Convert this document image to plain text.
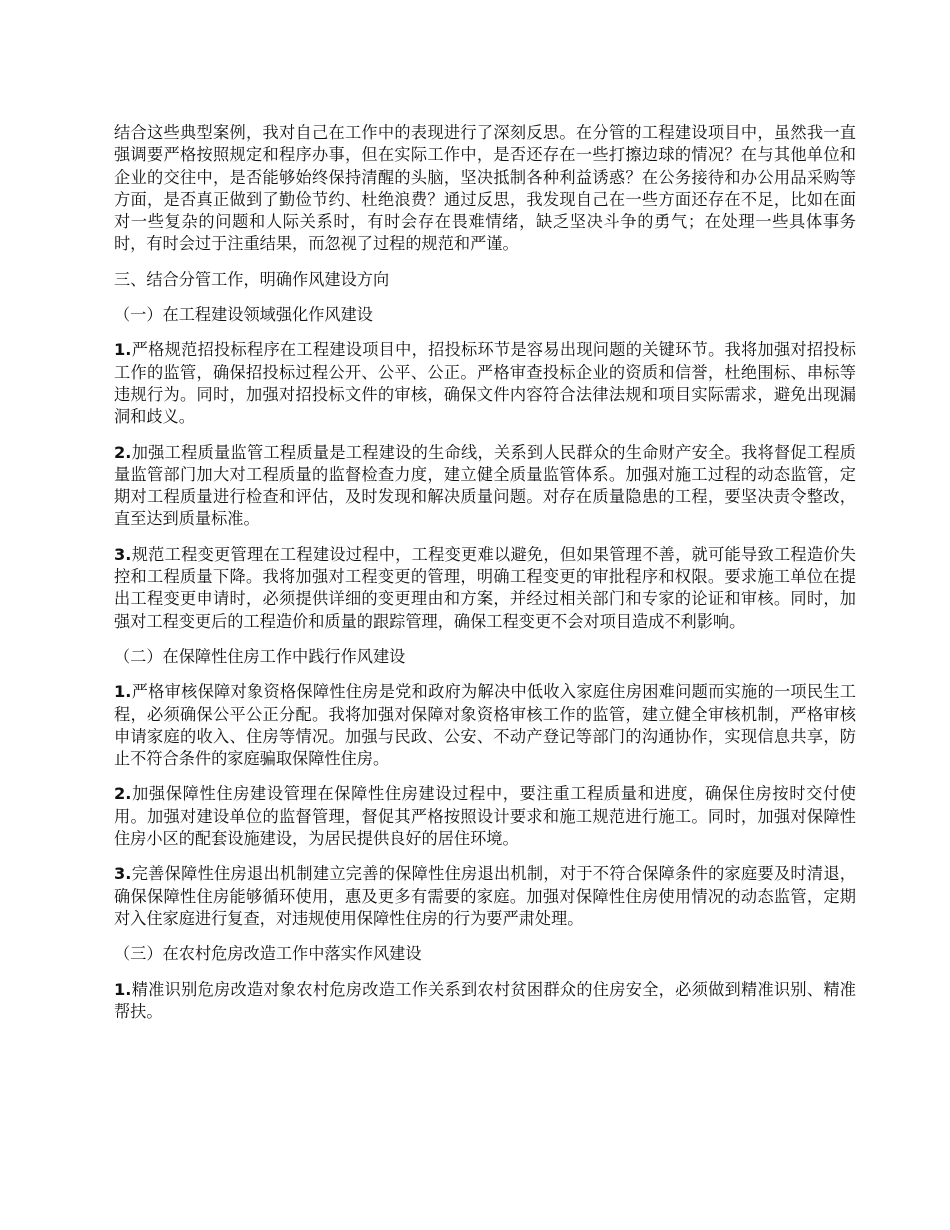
结合这些典型案例，我对自己在工作中的表现进行了深刻反思。在分管的工程建设项目中，虽然我一直强调要严格按照规定和程序办事，但在实际工作中，是否还存在一些打擦边球的情况？在与其他单位和企业的交往中，是否能够始终保持清醒的头脑，坚决抵制各种利益诱惑？在公务接待和办公用品采购等方面，是否真正做到了勤俭节约、杜绝浪费？通过反思，我发现自己在一些方面还存在不足，比如在面对一些复杂的问题和人际关系时，有时会存在畏难情绪，缺乏坚决斗争的勇气；在处理一些具体事务时，有时会过于注重结果，而忽视了过程的规范和严谨。

三、结合分管工作，明确作风建设方向

（一）在工程建设领域强化作风建设

1.严格规范招投标程序在工程建设项目中，招投标环节是容易出现问题的关键环节。我将加强对招投标工作的监管，确保招投标过程公开、公平、公正。严格审查投标企业的资质和信誉，杜绝围标、串标等违规行为。同时，加强对招投标文件的审核，确保文件内容符合法律法规和项目实际需求，避免出现漏洞和歧义。

2.加强工程质量监管工程质量是工程建设的生命线，关系到人民群众的生命财产安全。我将督促工程质量监管部门加大对工程质量的监督检查力度，建立健全质量监管体系。加强对施工过程的动态监管，定期对工程质量进行检查和评估，及时发现和解决质量问题。对存在质量隐患的工程，要坚决责令整改，直至达到质量标准。

3.规范工程变更管理在工程建设过程中，工程变更难以避免，但如果管理不善，就可能导致工程造价失控和工程质量下降。我将加强对工程变更的管理，明确工程变更的审批程序和权限。要求施工单位在提出工程变更申请时，必须提供详细的变更理由和方案，并经过相关部门和专家的论证和审核。同时，加强对工程变更后的工程造价和质量的跟踪管理，确保工程变更不会对项目造成不利影响。

（二）在保障性住房工作中践行作风建设

1.严格审核保障对象资格保障性住房是党和政府为解决中低收入家庭住房困难问题而实施的一项民生工程，必须确保公平公正分配。我将加强对保障对象资格审核工作的监管，建立健全审核机制，严格审核申请家庭的收入、住房等情况。加强与民政、公安、不动产登记等部门的沟通协作，实现信息共享，防止不符合条件的家庭骗取保障性住房。

2.加强保障性住房建设管理在保障性住房建设过程中，要注重工程质量和进度，确保住房按时交付使用。加强对建设单位的监督管理，督促其严格按照设计要求和施工规范进行施工。同时，加强对保障性住房小区的配套设施建设，为居民提供良好的居住环境。

3.完善保障性住房退出机制建立完善的保障性住房退出机制，对于不符合保障条件的家庭要及时清退，确保保障性住房能够循环使用，惠及更多有需要的家庭。加强对保障性住房使用情况的动态监管，定期对入住家庭进行复查，对违规使用保障性住房的行为要严肃处理。

（三）在农村危房改造工作中落实作风建设

1.精准识别危房改造对象农村危房改造工作关系到农村贫困群众的住房安全，必须做到精准识别、精准帮扶。
